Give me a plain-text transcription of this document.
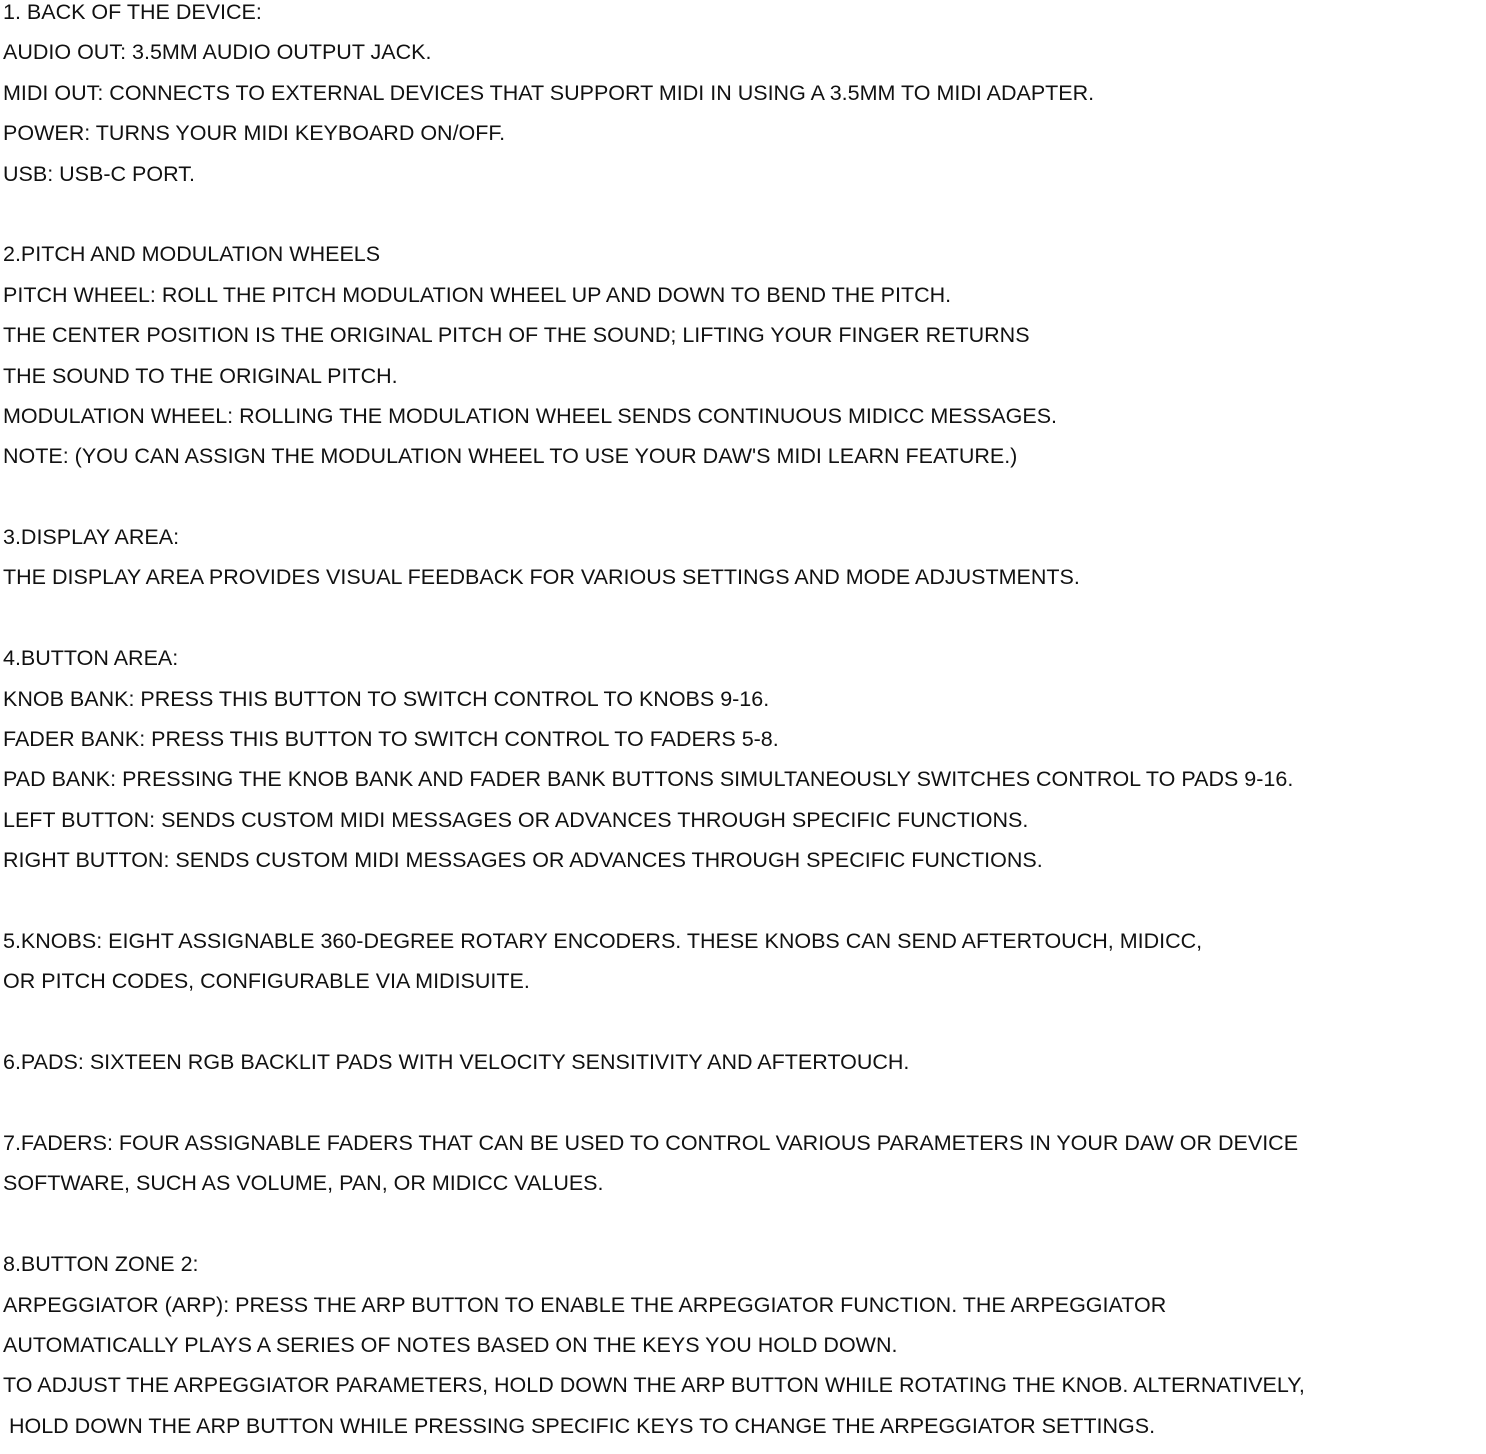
1. BACK OF THE DEVICE:
AUDIO OUT: 3.5MM AUDIO OUTPUT JACK.
MIDI OUT: CONNECTS TO EXTERNAL DEVICES THAT SUPPORT MIDI IN USING A 3.5MM TO MIDI ADAPTER.
POWER: TURNS YOUR MIDI KEYBOARD ON/OFF.
USB: USB-C PORT.
2.PITCH AND MODULATION WHEELS
PITCH WHEEL: ROLL THE PITCH MODULATION WHEEL UP AND DOWN TO BEND THE PITCH.
THE CENTER POSITION IS THE ORIGINAL PITCH OF THE SOUND; LIFTING YOUR FINGER RETURNS
THE SOUND TO THE ORIGINAL PITCH.
MODULATION WHEEL: ROLLING THE MODULATION WHEEL SENDS CONTINUOUS MIDICC MESSAGES.
NOTE: (YOU CAN ASSIGN THE MODULATION WHEEL TO USE YOUR DAW'S MIDI LEARN FEATURE.)
3.DISPLAY AREA:
THE DISPLAY AREA PROVIDES VISUAL FEEDBACK FOR VARIOUS SETTINGS AND MODE ADJUSTMENTS.
4.BUTTON AREA:
KNOB BANK: PRESS THIS BUTTON TO SWITCH CONTROL TO KNOBS 9-16.
FADER BANK: PRESS THIS BUTTON TO SWITCH CONTROL TO FADERS 5-8.
PAD BANK: PRESSING THE KNOB BANK AND FADER BANK BUTTONS SIMULTANEOUSLY SWITCHES CONTROL TO PADS 9-16.
LEFT BUTTON: SENDS CUSTOM MIDI MESSAGES OR ADVANCES THROUGH SPECIFIC FUNCTIONS.
RIGHT BUTTON: SENDS CUSTOM MIDI MESSAGES OR ADVANCES THROUGH SPECIFIC FUNCTIONS.
5.KNOBS: EIGHT ASSIGNABLE 360-DEGREE ROTARY ENCODERS. THESE KNOBS CAN SEND AFTERTOUCH, MIDICC,
OR PITCH CODES, CONFIGURABLE VIA MIDISUITE.
6.PADS: SIXTEEN RGB BACKLIT PADS WITH VELOCITY SENSITIVITY AND AFTERTOUCH.
7.FADERS: FOUR ASSIGNABLE FADERS THAT CAN BE USED TO CONTROL VARIOUS PARAMETERS IN YOUR DAW OR DEVICE
SOFTWARE, SUCH AS VOLUME, PAN, OR MIDICC VALUES.
8.BUTTON ZONE 2:
ARPEGGIATOR (ARP): PRESS THE ARP BUTTON TO ENABLE THE ARPEGGIATOR FUNCTION. THE ARPEGGIATOR
AUTOMATICALLY PLAYS A SERIES OF NOTES BASED ON THE KEYS YOU HOLD DOWN.
TO ADJUST THE ARPEGGIATOR PARAMETERS, HOLD DOWN THE ARP BUTTON WHILE ROTATING THE KNOB. ALTERNATIVELY,
HOLD DOWN THE ARP BUTTON WHILE PRESSING SPECIFIC KEYS TO CHANGE THE ARPEGGIATOR SETTINGS.
